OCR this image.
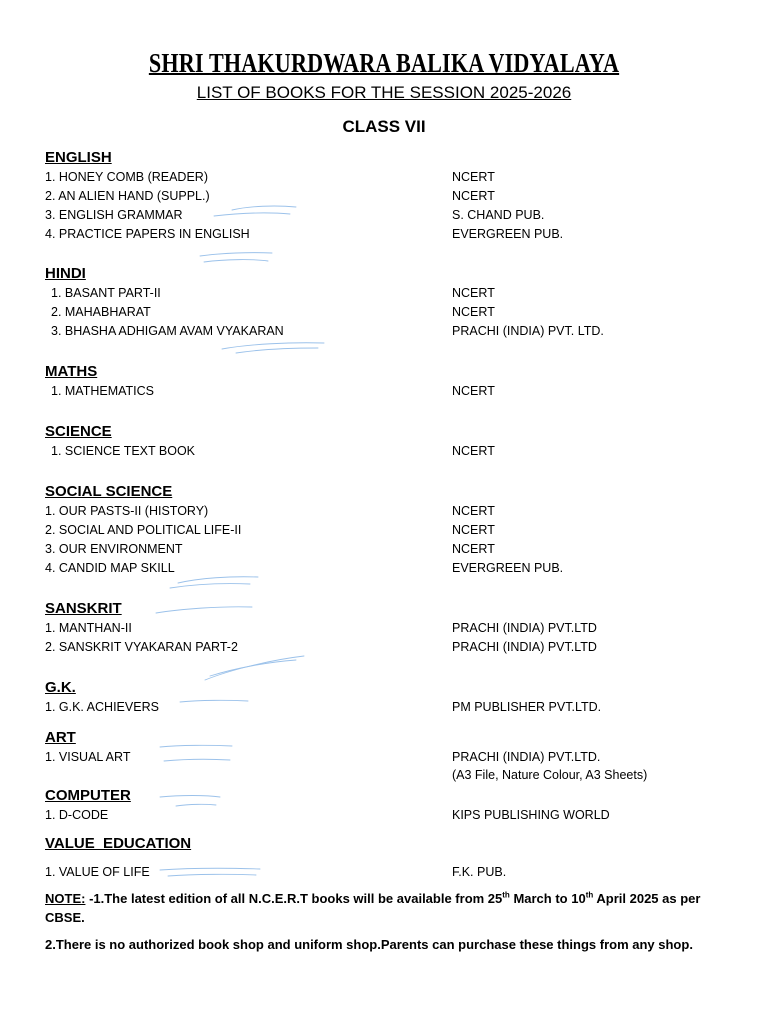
SHRI THAKURDWARA BALIKA VIDYALAYA
LIST OF BOOKS FOR THE SESSION 2025-2026
CLASS VII
ENGLISH
1. HONEY COMB (READER)	NCERT
2. AN ALIEN HAND (SUPPL.)	NCERT
3. ENGLISH GRAMMAR	S. CHAND PUB.
4. PRACTICE PAPERS IN ENGLISH	EVERGREEN PUB.
HINDI
1. BASANT PART-II	NCERT
2. MAHABHARAT	NCERT
3. BHASHA ADHIGAM AVAM VYAKARAN	PRACHI (INDIA) PVT. LTD.
MATHS
1. MATHEMATICS	NCERT
SCIENCE
1. SCIENCE TEXT BOOK	NCERT
SOCIAL SCIENCE
1. OUR PASTS-II (HISTORY)	NCERT
2. SOCIAL AND POLITICAL LIFE-II	NCERT
3. OUR ENVIRONMENT	NCERT
4. CANDID MAP SKILL	EVERGREEN PUB.
SANSKRIT
1. MANTHAN-II	PRACHI (INDIA) PVT.LTD
2. SANSKRIT VYAKARAN PART-2	PRACHI (INDIA) PVT.LTD
G.K.
1. G.K. ACHIEVERS	PM PUBLISHER PVT.LTD.
ART
1. VISUAL ART	PRACHI (INDIA) PVT.LTD.
(A3 File, Nature Colour, A3 Sheets)
COMPUTER
1. D-CODE	KIPS PUBLISHING WORLD
VALUE  EDUCATION
1. VALUE OF LIFE	F.K. PUB.
NOTE: -1.The latest edition of all N.C.E.R.T books will be available from 25th March to 10th April 2025 as per CBSE.
2.There is no authorized book shop and uniform shop.Parents can purchase these things from any shop.
